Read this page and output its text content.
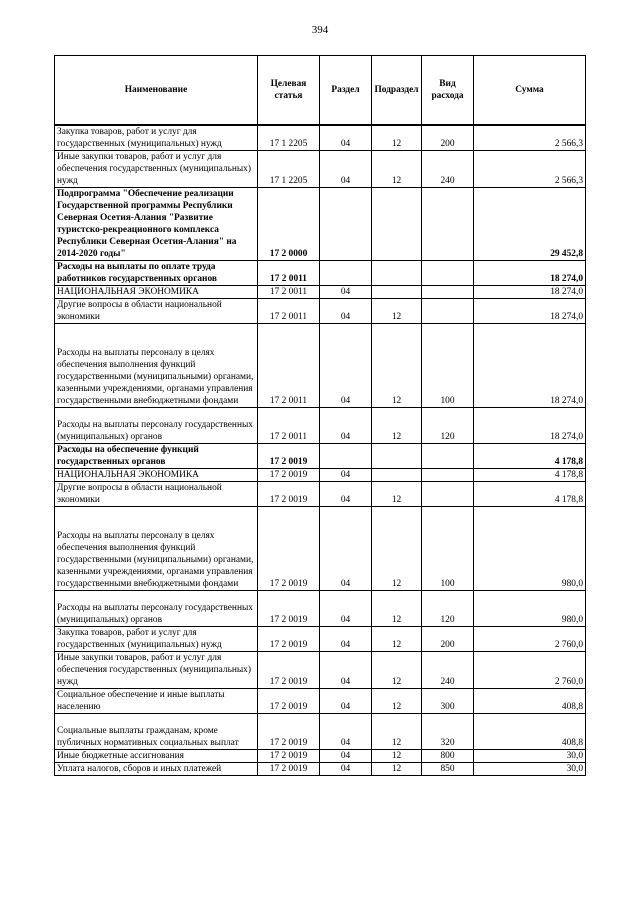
394
Наименование	Целевая статья	Раздел	Подраздел	Вид расхода	Сумма
Закупка товаров, работ и услуг для государственных (муниципальных) нужд	17 1 2205	04	12	200	2 566,3
Иные закупки товаров, работ и услуг для обеспечения государственных (муниципальных) нужд	17 1 2205	04	12	240	2 566,3
Подпрограмма "Обеспечение реализации Государственной программы Республики Северная Осетия-Алания "Развитие туристско-рекреационного комплекса Республики Северная Осетия-Алания" на 2014-2020 годы"	17 2 0000				29 452,8
Расходы на выплаты по оплате труда работников государственных органов	17 2 0011				18 274,0
НАЦИОНАЛЬНАЯ ЭКОНОМИКА	17 2 0011	04			18 274,0
Другие вопросы в области национальной экономики	17 2 0011	04	12		18 274,0
Расходы на выплаты персоналу в целях обеспечения выполнения функций государственными (муниципальными) органами, казенными учреждениями, органами управления государственными внебюджетными фондами	17 2 0011	04	12	100	18 274,0
Расходы на выплаты персоналу государственных (муниципальных) органов	17 2 0011	04	12	120	18 274,0
Расходы на обеспечение функций государственных органов	17 2 0019				4 178,8
НАЦИОНАЛЬНАЯ ЭКОНОМИКА	17 2 0019	04			4 178,8
Другие вопросы в области национальной экономики	17 2 0019	04	12		4 178,8
Расходы на выплаты персоналу в целях обеспечения выполнения функций государственными (муниципальными) органами, казенными учреждениями, органами управления государственными внебюджетными фондами	17 2 0019	04	12	100	980,0
Расходы на выплаты персоналу государственных (муниципальных) органов	17 2 0019	04	12	120	980,0
Закупка товаров, работ и услуг для государственных (муниципальных) нужд	17 2 0019	04	12	200	2 760,0
Иные закупки товаров, работ и услуг для обеспечения государственных (муниципальных) нужд	17 2 0019	04	12	240	2 760,0
Социальное обеспечение и иные выплаты населению	17 2 0019	04	12	300	408,8
Социальные выплаты гражданам, кроме публичных нормативных социальных выплат	17 2 0019	04	12	320	408,8
Иные бюджетные ассигнования	17 2 0019	04	12	800	30,0
Уплата налогов, сборов и иных платежей	17 2 0019	04	12	850	30,0
